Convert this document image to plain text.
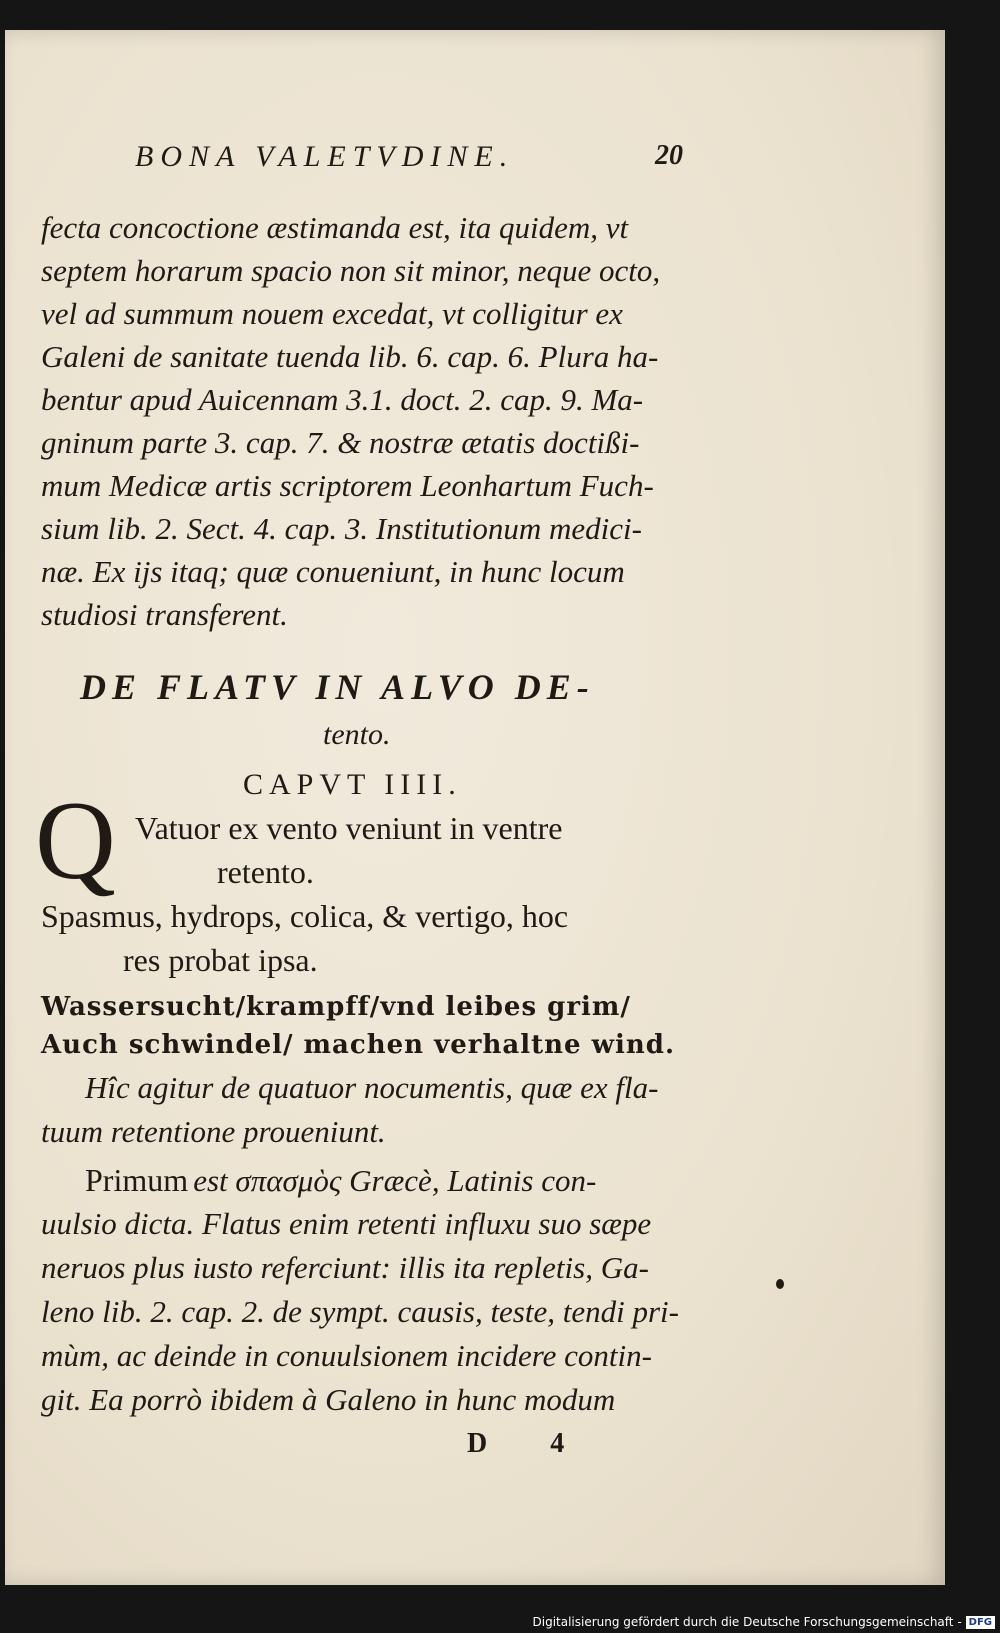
BONA VALETVDINE.	20
fecta concoctione æstimanda est, ita quidem, vt
septem horarum spacio non sit minor, neque octo,
vel ad summum nouem excedat, vt colligitur ex
Galeni de sanitate tuenda lib. 6. cap. 6. Plura ha-
bentur apud Auicennam 3.1. doct. 2. cap. 9. Ma-
gninum parte 3. cap. 7. & nostræ ætatis doctißi-
mum Medicæ artis scriptorem Leonhartum Fuch-
sium lib. 2. Sect. 4. cap. 3. Institutionum medici-
næ. Ex ijs itaq; quæ conueniunt, in hunc locum
studiosi transferent.
DE FLATV IN ALVO DE-
tento.
CAPVT IIII.
Q Vatuor ex vento veniunt in ventre
retento.
Spasmus, hydrops, colica, & vertigo, hoc
res probat ipsa.
Wassersucht/krampff/vnd leibes grim/
Auch schwindel/ machen verhaltne wind.
Hîc agitur de quatuor nocumentis, quæ ex fla-
tuum retentione proueniunt.
Primum est σπασμὸς Græcè, Latinis con-
uulsio dicta. Flatus enim retenti influxu suo sæpe
neruos plus iusto referciunt: illis ita repletis, Ga-
leno lib. 2. cap. 2. de sympt. causis, teste, tendi pri-
mùm, ac deinde in conuulsionem incidere contin-
git. Ea porrò ibidem à Galeno in hunc modum
D 4
Digitalisierung gefördert durch die Deutsche Forschungsgemeinschaft - DFG
